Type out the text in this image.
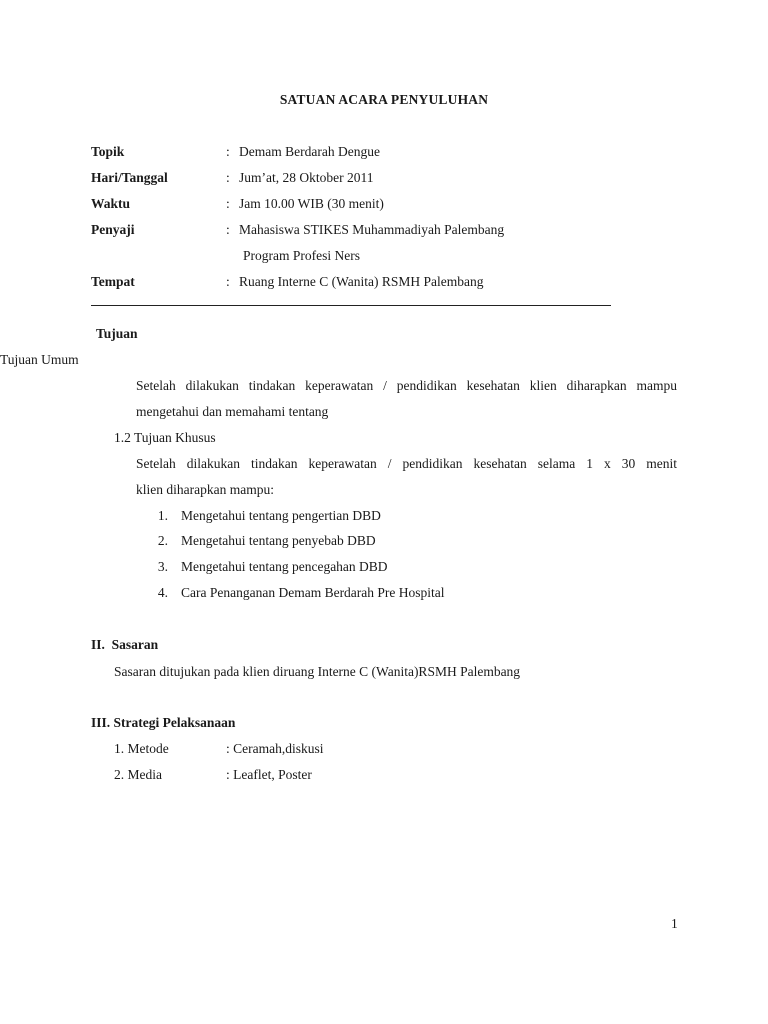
SATUAN ACARA PENYULUHAN
Topik	: Demam Berdarah Dengue
Hari/Tanggal	: Jum’at, 28 Oktober 2011
Waktu	: Jam 10.00 WIB (30 menit)
Penyaji	: Mahasiswa STIKES Muhammadiyah Palembang
Program Profesi Ners
Tempat	: Ruang Interne C (Wanita) RSMH Palembang
Tujuan
Tujuan Umum
Setelah dilakukan tindakan keperawatan / pendidikan kesehatan klien diharapkan mampu
mengetahui dan memahami tentang
1.2 Tujuan Khusus
Setelah dilakukan tindakan keperawatan / pendidikan kesehatan selama 1 x 30 menit
klien diharapkan mampu:
1. Mengetahui tentang pengertian DBD
2. Mengetahui tentang penyebab DBD
3. Mengetahui tentang pencegahan DBD
4. Cara Penanganan Demam Berdarah Pre Hospital
II.  Sasaran
Sasaran ditujukan pada klien diruang Interne C (Wanita)RSMH Palembang
III. Strategi Pelaksanaan
1. Metode	: Ceramah,diskusi
2. Media	: Leaflet, Poster
1
